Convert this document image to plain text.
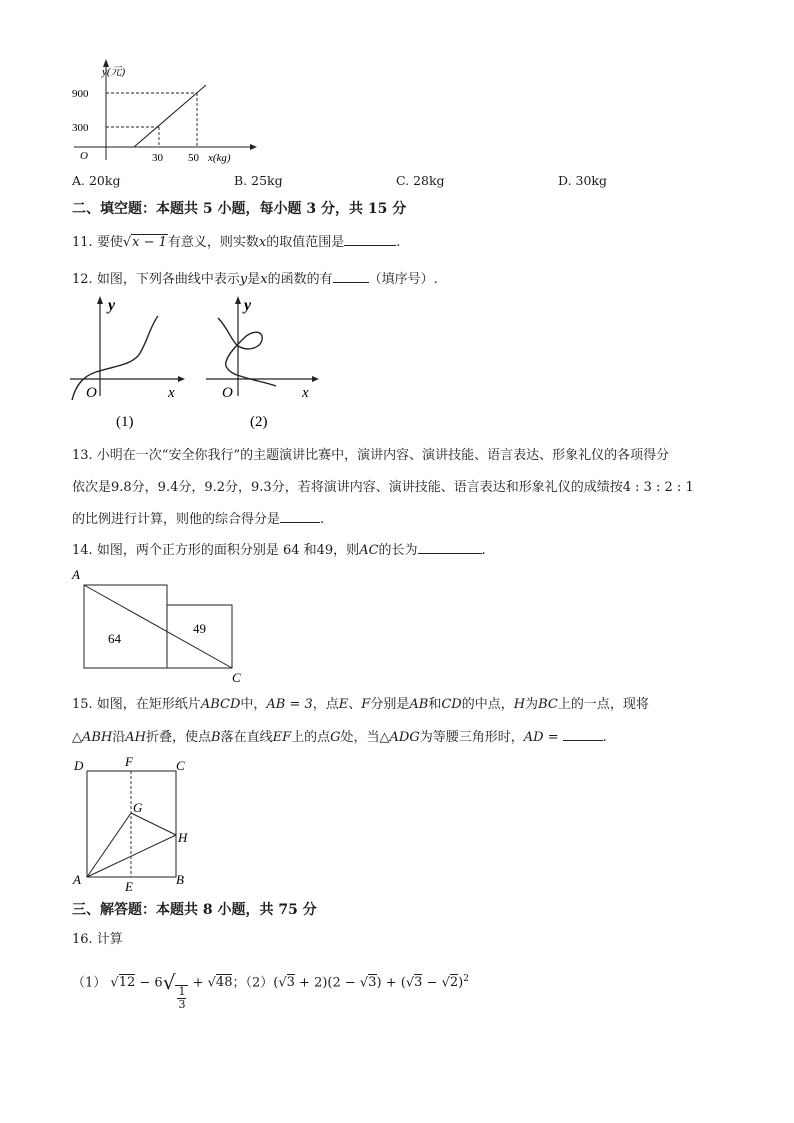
y(元)
900
300
O	30 50 x(kg)
A. 20kg	B. 25kg	C. 28kg	D. 30kg
二、填空题：本题共 5 小题，每小题 3 分，共 15 分
11. 要使√x − 1有意义，则实数x的取值范围是	.
12. 如图，下列各曲线中表示y是x的函数的有	（填序号）.
y
O	x
(1)
y
O	x
(2)
13. 小明在一次“安全你我行”的主题演讲比赛中，演讲内容、演讲技能、语言表达、形象礼仪的各项得分
依次是9.8分，9.4分，9.2分，9.3分，若将演讲内容、演讲技能、语言表达和形象礼仪的成绩按4 : 3 : 2 : 1
的比例进行计算，则他的综合得分是	.
14. 如图，两个正方形的面积分别是 64 和49，则AC的长为	.
A
C
64
49
15. 如图，在矩形纸片ABCD中，AB = 3，点E、F分别是AB和CD的中点，H为BC上的一点，现将
△ABH沿AH折叠，使点B落在直线EF上的点G处，当△ADG为等腰三角形时，AD =	.
D	F	C
G
H
A	E	B
三、解答题：本题共 8 小题，共 75 分
16. 计算
（1） √12 − 6√
$\frac{1}{3}$
+ √48；$(2)(√3 + 2)(2 - √3) + (√3 - √2)^2$
